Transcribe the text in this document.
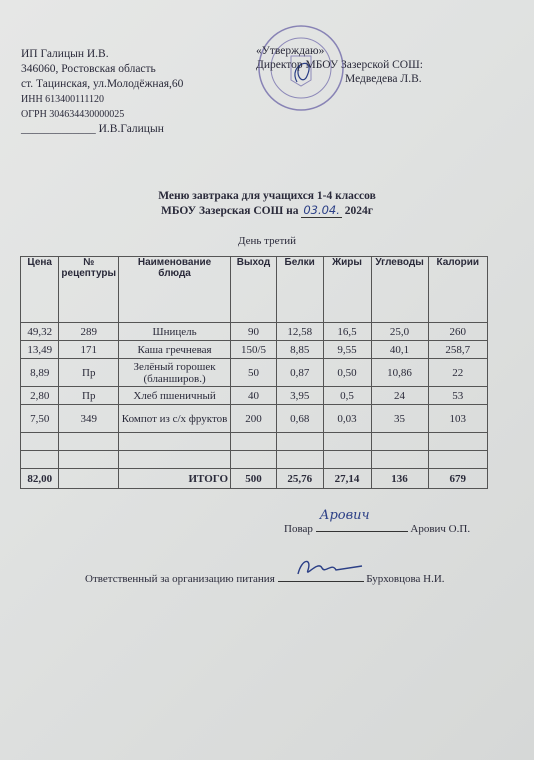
ИП Галицын И.В.
346060, Ростовская область
ст. Тацинская, ул.Молодёжная,60
ИНН 613400111120
ОГРН 304634430000025
_____________ И.В.Галицын
«Утверждаю»
Директор МБОУ Зазерской СОШ:
Медведева Л.В.
Меню завтрака для учащихся 1-4 классов
МБОУ Зазерская СОШ на 03.04. 2024г
День третий
Цена	№ рецептуры	Наименование блюда	Выход	Белки	Жиры	Углеводы	Калории
49,32	289	Шницель	90	12,58	16,5	25,0	260
13,49	171	Каша гречневая	150/5	8,85	9,55	40,1	258,7
8,89	Пр	Зелёный горошек (бланширов.)	50	0,87	0,50	10,86	22
2,80	Пр	Хлеб пшеничный	40	3,95	0,5	24	53
7,50	349	Компот из с/х фруктов	200	0,68	0,03	35	103

82,00		ИТОГО	500	25,76	27,14	136	679
Повар
Арович
Арович О.П.
Ответственный за организацию питания	Бурховцова Н.И.
